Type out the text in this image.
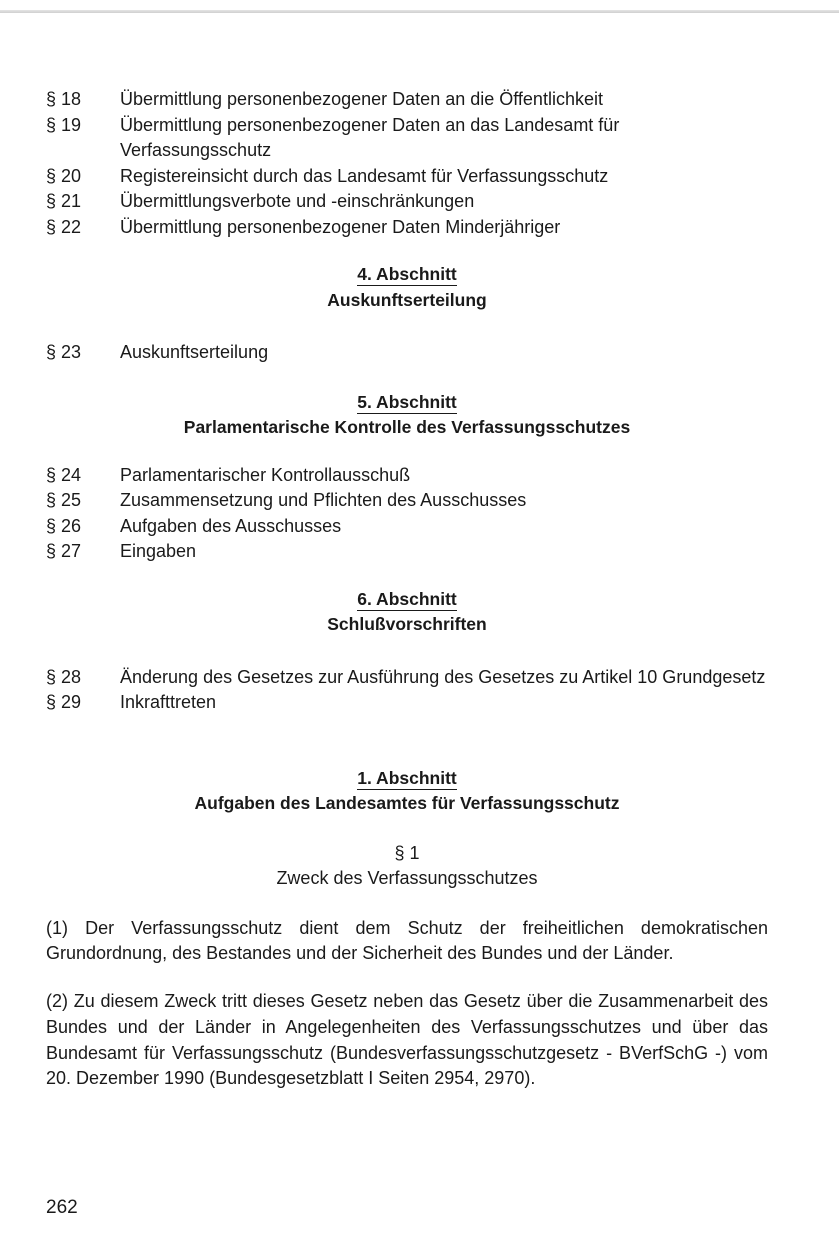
§ 18	Übermittlung personenbezogener Daten an die Öffentlichkeit
§ 19	Übermittlung personenbezogener Daten an das Landesamt für Verfassungsschutz
§ 20	Registereinsicht durch das Landesamt für Verfassungsschutz
§ 21	Übermittlungsverbote und -einschränkungen
§ 22	Übermittlung personenbezogener Daten Minderjähriger
4. Abschnitt
Auskunftserteilung
§ 23	Auskunftserteilung
5. Abschnitt
Parlamentarische Kontrolle des Verfassungsschutzes
§ 24	Parlamentarischer Kontrollausschuß
§ 25	Zusammensetzung und Pflichten des Ausschusses
§ 26	Aufgaben des Ausschusses
§ 27	Eingaben
6. Abschnitt
Schlußvorschriften
§ 28 Änderung des Gesetzes zur Ausführung des Gesetzes zu Artikel 10 Grundgesetz
§ 29	Inkrafttreten
1. Abschnitt
Aufgaben des Landesamtes für Verfassungsschutz
§ 1
Zweck des Verfassungsschutzes
(1) Der Verfassungsschutz dient dem Schutz der freiheitlichen demokratischen Grundordnung, des Bestandes und der Sicherheit des Bundes und der Länder.
(2) Zu diesem Zweck tritt dieses Gesetz neben das Gesetz über die Zusammenarbeit des Bundes und der Länder in Angelegenheiten des Verfassungsschutzes und über das Bundesamt für Verfassungsschutz (Bundesverfassungsschutzgesetz - BVerfSchG -) vom 20. Dezember 1990 (Bundesgesetzblatt I Seiten 2954, 2970).
262
